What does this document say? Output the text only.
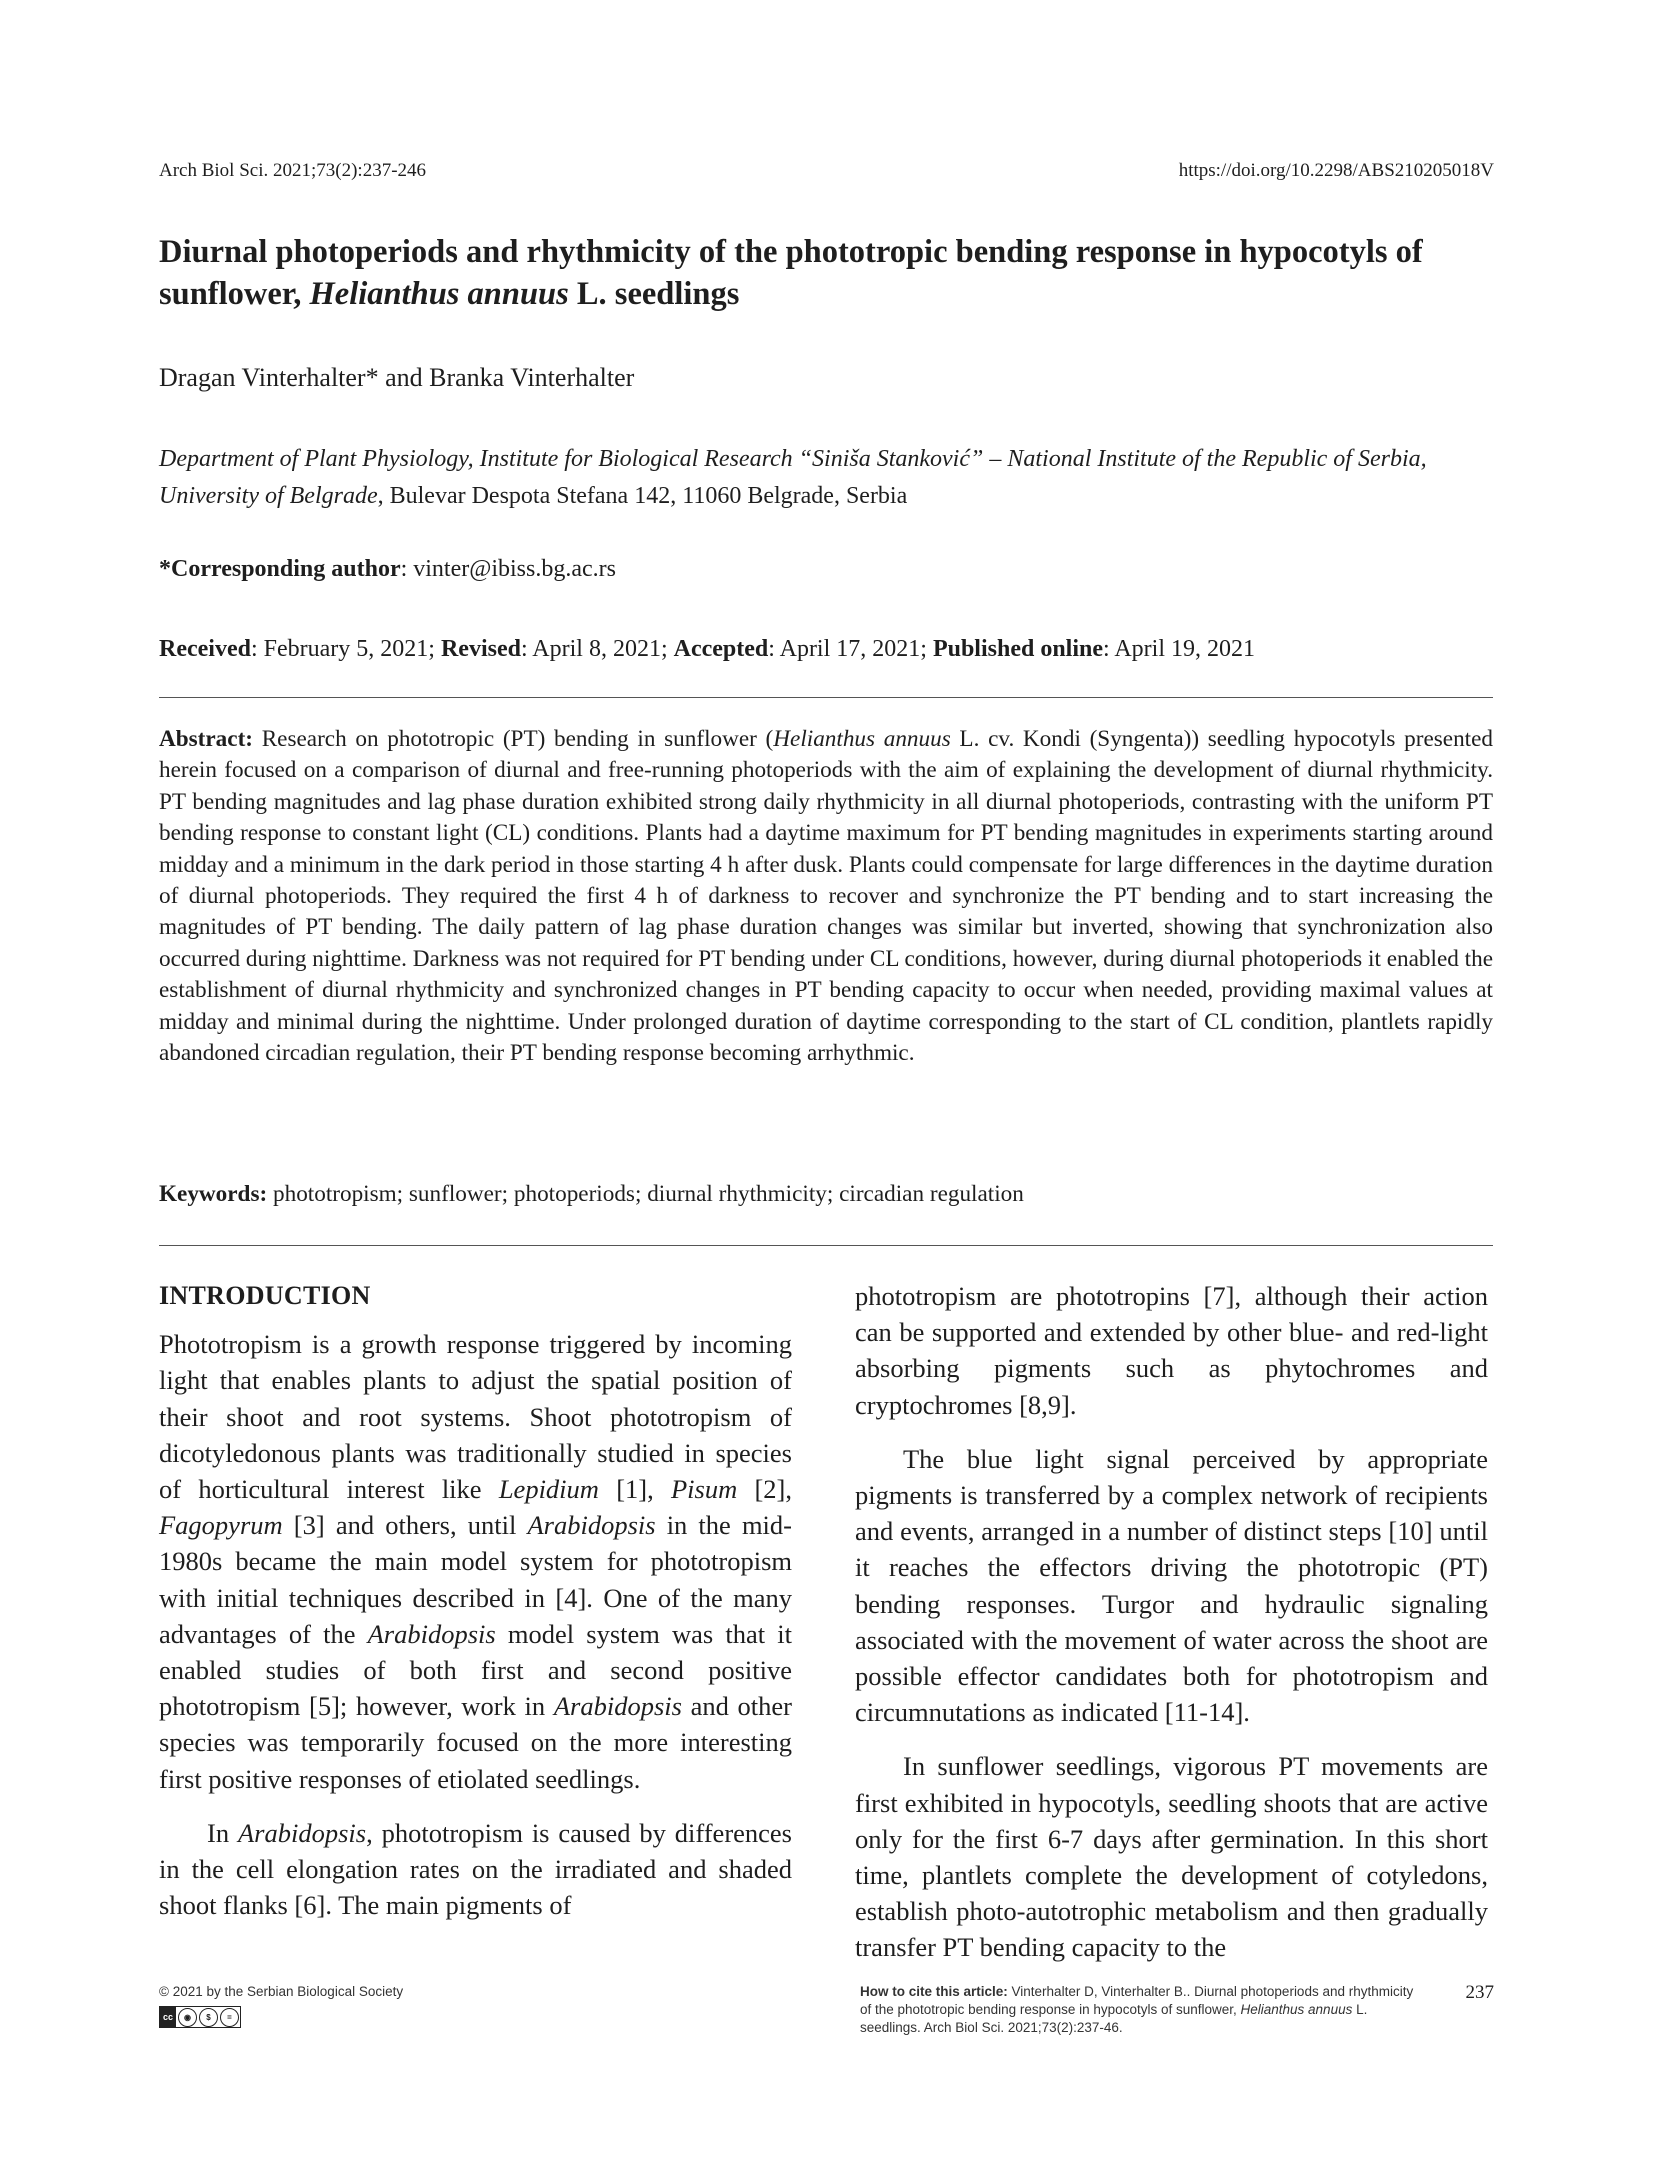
Arch Biol Sci. 2021;73(2):237-246	https://doi.org/10.2298/ABS210205018V
Diurnal photoperiods and rhythmicity of the phototropic bending response in hypocotyls of sunflower, Helianthus annuus L. seedlings
Dragan Vinterhalter* and Branka Vinterhalter
Department of Plant Physiology, Institute for Biological Research “Siniša Stanković” – National Institute of the Republic of Serbia, University of Belgrade, Bulevar Despota Stefana 142, 11060 Belgrade, Serbia
*Corresponding author: vinter@ibiss.bg.ac.rs
Received: February 5, 2021; Revised: April 8, 2021; Accepted: April 17, 2021; Published online: April 19, 2021
Abstract: Research on phototropic (PT) bending in sunflower (Helianthus annuus L. cv. Kondi (Syngenta)) seedling hypocotyls presented herein focused on a comparison of diurnal and free-running photoperiods with the aim of explaining the development of diurnal rhythmicity. PT bending magnitudes and lag phase duration exhibited strong daily rhythmicity in all diurnal photoperiods, contrasting with the uniform PT bending response to constant light (CL) conditions. Plants had a daytime maximum for PT bending magnitudes in experiments starting around midday and a minimum in the dark period in those starting 4 h after dusk. Plants could compensate for large differences in the daytime duration of diurnal photoperiods. They required the first 4 h of darkness to recover and synchronize the PT bending and to start increasing the magnitudes of PT bending. The daily pattern of lag phase duration changes was similar but inverted, showing that synchronization also occurred during nighttime. Darkness was not required for PT bending under CL conditions, however, during diurnal photoperiods it enabled the establishment of diurnal rhythmicity and synchronized changes in PT bending capacity to occur when needed, providing maximal values at midday and minimal during the nighttime. Under prolonged duration of daytime corresponding to the start of CL condition, plantlets rapidly abandoned circadian regulation, their PT bending response becoming arrhythmic.
Keywords: phototropism; sunflower; photoperiods; diurnal rhythmicity; circadian regulation

INTRODUCTION

Phototropism is a growth response triggered by incoming light that enables plants to adjust the spatial position of their shoot and root systems. Shoot phototropism of dicotyledonous plants was traditionally studied in species of horticultural interest like Lepidium [1], Pisum [2], Fagopyrum [3] and others, until Arabidopsis in the mid-1980s became the main model system for phototropism with initial techniques described in [4]. One of the many advantages of the Arabidopsis model system was that it enabled studies of both first and second positive phototropism [5]; however, work in Arabidopsis and other species was temporarily focused on the more interesting first positive responses of etiolated seedlings.

In Arabidopsis, phototropism is caused by differences in the cell elongation rates on the irradiated and shaded shoot flanks [6]. The main pigments of

phototropism are phototropins [7], although their action can be supported and extended by other blue- and red-light absorbing pigments such as phytochromes and cryptochromes [8,9].

The blue light signal perceived by appropriate pigments is transferred by a complex network of recipients and events, arranged in a number of distinct steps [10] until it reaches the effectors driving the phototropic (PT) bending responses. Turgor and hydraulic signaling associated with the movement of water across the shoot are possible effector candidates both for phototropism and circumnutations as indicated [11-14].

In sunflower seedlings, vigorous PT movements are first exhibited in hypocotyls, seedling shoots that are active only for the first 6-7 days after germination. In this short time, plantlets complete the development of cotyledons, establish photo-autotrophic metabolism and then gradually transfer PT bending capacity to the

© 2021 by the Serbian Biological Society
cc	◉	$	=
How to cite this article: Vinterhalter D, Vinterhalter B.. Diurnal photoperiods and rhythmicity of the phototropic bending response in hypocotyls of sunflower, Helianthus annuus L. seedlings. Arch Biol Sci. 2021;73(2):237-46.
237
